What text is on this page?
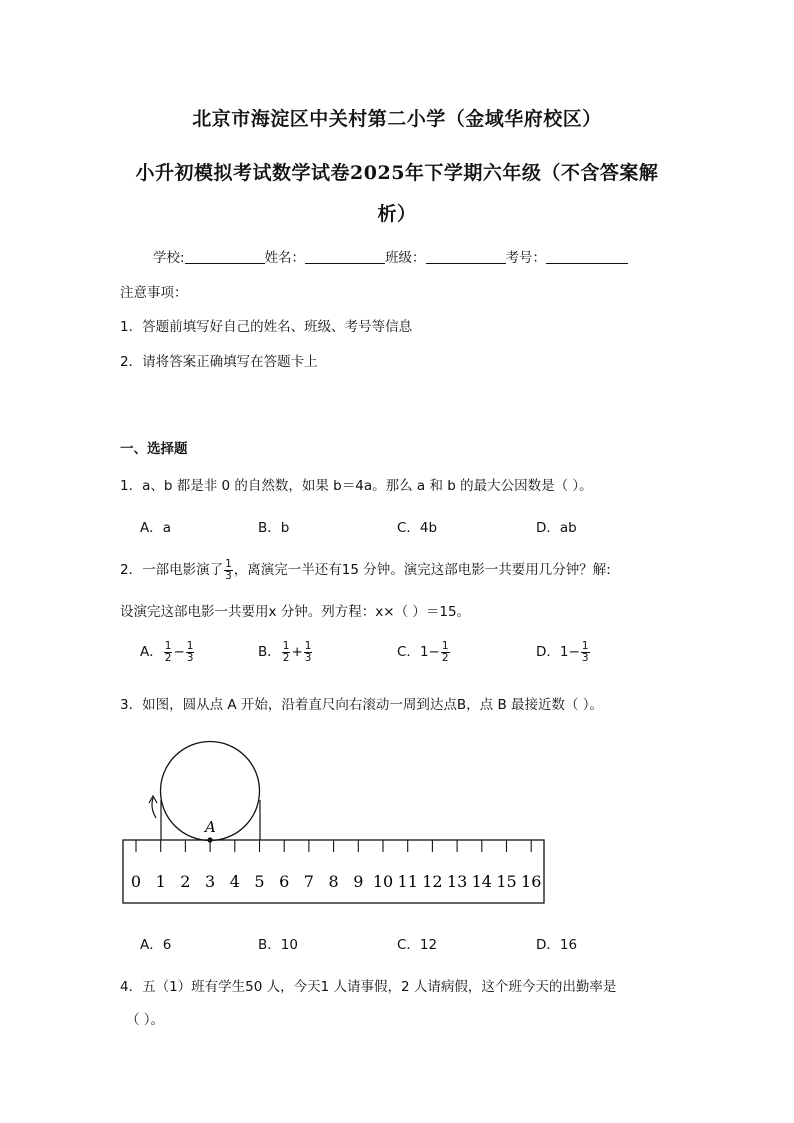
北京市海淀区中关村第二小学（金域华府校区）
小升初模拟考试数学试卷2025年下学期六年级（不含答案解
析）
学校:	姓名：	班级：	考号：
注意事项：
1．答题前填写好自己的姓名、班级、考号等信息
2．请将答案正确填写在答题卡上
一、选择题
1．a、b 都是非 0 的自然数，如果 b＝4a。那么 a 和 b 的最大公因数是（ ）。
A．a	B．b	C．4b	D．ab
2．一部电影演了 $\frac{1}{3}$ ，离演完一半还有15 分钟。演完这部电影一共要用几分钟？解:
设演完这部电影一共要用x 分钟。列方程：x×（ ）＝15。
A． $\frac{1}{2} - \frac{1}{3}$	B． $\frac{1}{2} + \frac{1}{3}$	C．$1- \frac{1}{2}$	D．$1- \frac{1}{3}$
3．如图，圆从点 A 开始，沿着直尺向右滚动一周到达点B，点 B 最接近数（ ）。
0 1 2 3 4 5 6 7 8 9 10 11 12 13 14 15 16
A
A．6	B．10	C．12	D．16
4．五（1）班有学生50 人，今天1 人请事假，2 人请病假，这个班今天的出勤率是
（ ）。
